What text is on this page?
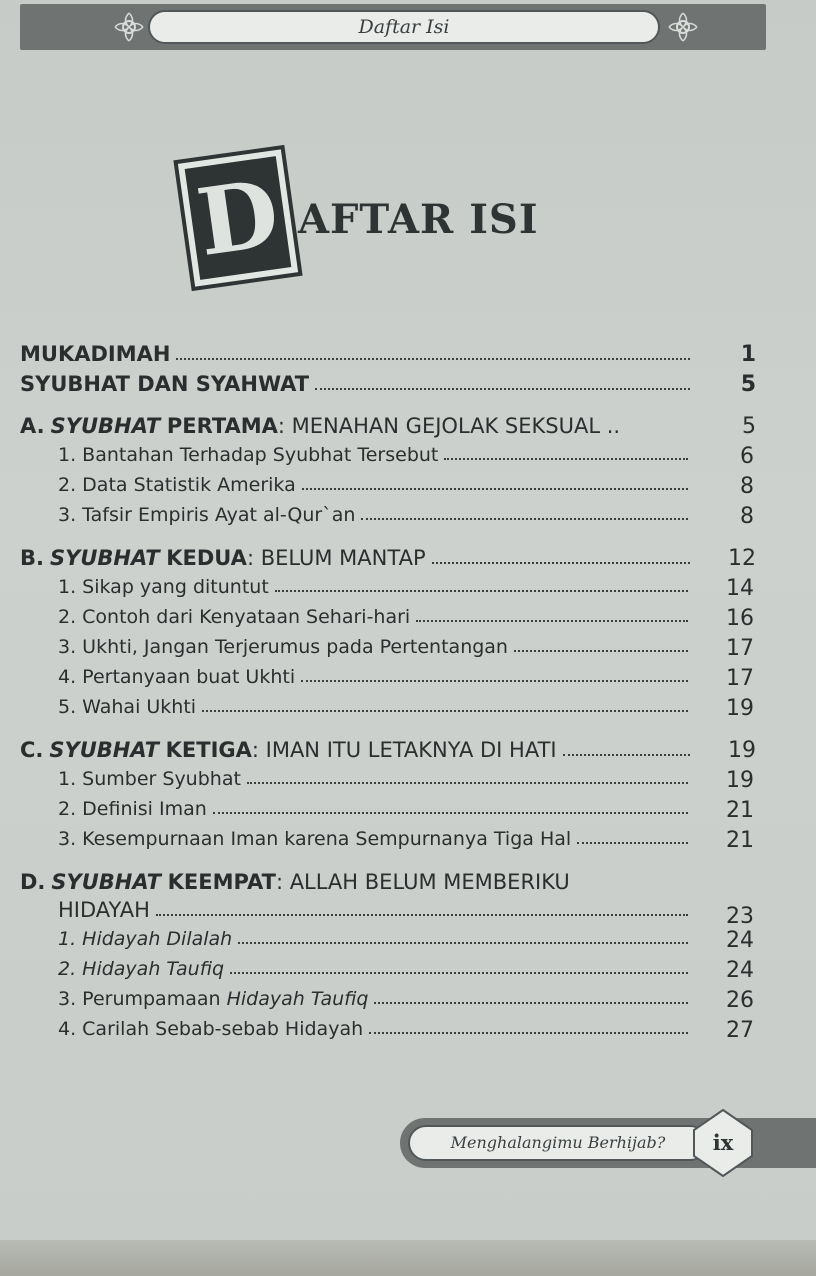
Daftar Isi
D AFTAR ISI
MUKADIMAH	1
SYUBHAT DAN SYAHWAT	5
A. SYUBHAT PERTAMA: MENAHAN GEJOLAK SEKSUAL ..	5
1. Bantahan Terhadap Syubhat Tersebut	6
2. Data Statistik Amerika	8
3. Tafsir Empiris Ayat al-Qur`an	8
B. SYUBHAT KEDUA: BELUM MANTAP	12
1. Sikap yang dituntut	14
2. Contoh dari Kenyataan Sehari-hari	16
3. Ukhti, Jangan Terjerumus pada Pertentangan	17
4. Pertanyaan buat Ukhti	17
5. Wahai Ukhti	19
C. SYUBHAT KETIGA: IMAN ITU LETAKNYA DI HATI	19
1. Sumber Syubhat	19
2. Definisi Iman	21
3. Kesempurnaan Iman karena Sempurnanya Tiga Hal	21
D. SYUBHAT KEEMPAT: ALLAH BELUM MEMBERIKU
HIDAYAH	23
1. Hidayah Dilalah	24
2. Hidayah Taufiq	24
3. Perumpamaan Hidayah Taufiq	26
4. Carilah Sebab-sebab Hidayah	27
Menghalangimu Berhijab?	ix
